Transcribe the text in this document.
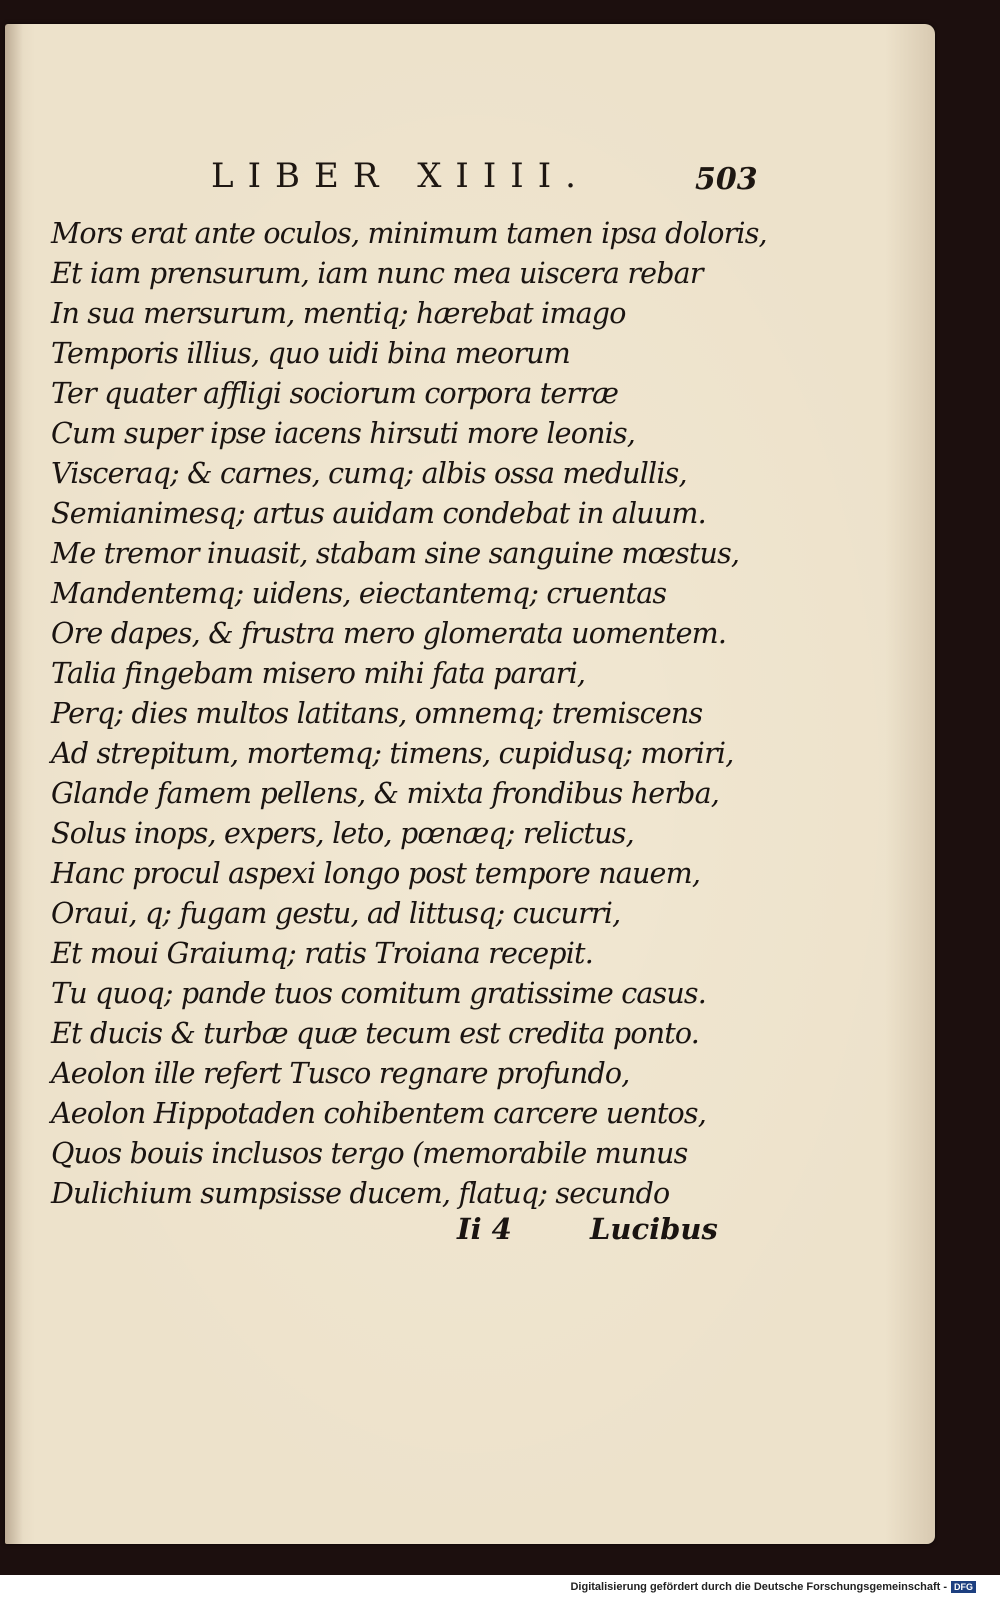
LIBER XIIII.	503
Mors erat ante oculos, minimum tamen ipsa doloris,
Et iam prensurum, iam nunc mea uiscera rebar
In sua mersurum, mentiq; hærebat imago
Temporis illius, quo uidi bina meorum
Ter quater affligi sociorum corpora terræ
Cum super ipse iacens hirsuti more leonis,
Visceraq; & carnes, cumq; albis ossa medullis,
Semianimesq; artus auidam condebat in aluum.
Me tremor inuasit, stabam sine sanguine mœstus,
Mandentemq; uidens, eiectantemq; cruentas
Ore dapes, & frustra mero glomerata uomentem.
Talia fingebam misero mihi fata parari,
Perq; dies multos latitans, omnemq; tremiscens
Ad strepitum, mortemq; timens, cupidusq; moriri,
Glande famem pellens, & mixta frondibus herba,
Solus inops, expers, leto, pœnæq; relictus,
Hanc procul aspexi longo post tempore nauem,
Oraui, q; fugam gestu, ad littusq; cucurri,
Et moui Graiumq; ratis Troiana recepit.
Tu quoq; pande tuos comitum gratissime casus.
Et ducis & turbæ quæ tecum est credita ponto.
Aeolon ille refert Tusco regnare profundo,
Aeolon Hippotaden cohibentem carcere uentos,
Quos bouis inclusos tergo (memorabile munus
Dulichium sumpsisse ducem, flatuq; secundo
Ii 4	Lucibus
Digitalisierung gefördert durch die Deutsche Forschungsgemeinschaft - DFG
